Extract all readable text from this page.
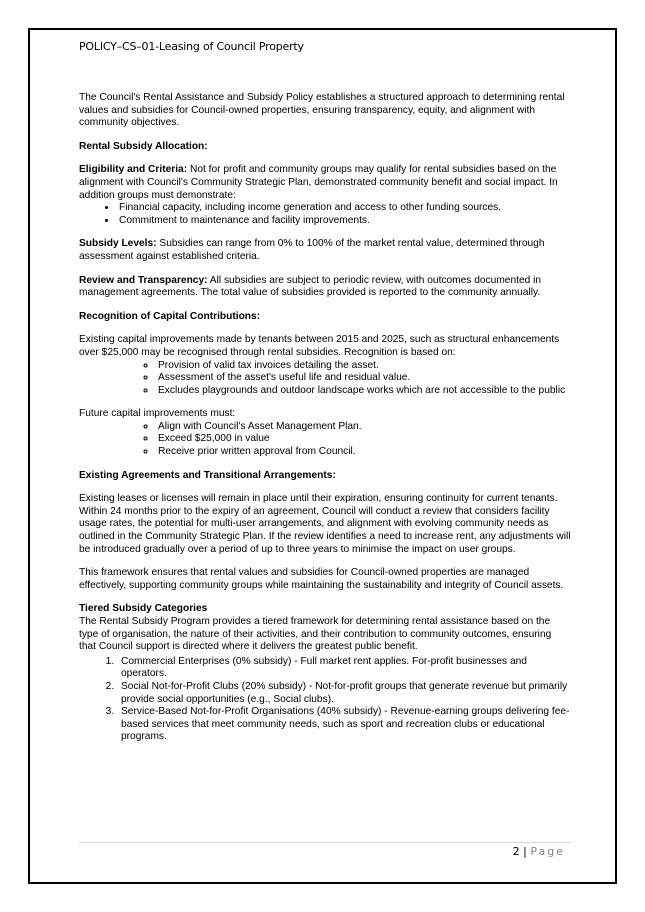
POLICY–CS–01-Leasing of Council Property

The Council's Rental Assistance and Subsidy Policy establishes a structured approach to determining rental values and subsidies for Council-owned properties, ensuring transparency, equity, and alignment with community objectives.

Rental Subsidy Allocation:

Eligibility and Criteria: Not for profit and community groups may qualify for rental subsidies based on the alignment with Council's Community Strategic Plan, demonstrated community benefit and social impact. In addition groups must demonstrate:

• Financial capacity, including income generation and access to other funding sources.
• Commitment to maintenance and facility improvements.

Subsidy Levels: Subsidies can range from 0% to 100% of the market rental value, determined through assessment against established criteria.

Review and Transparency: All subsidies are subject to periodic review, with outcomes documented in management agreements. The total value of subsidies provided is reported to the community annually.

Recognition of Capital Contributions:

Existing capital improvements made by tenants between 2015 and 2025, such as structural enhancements over $25,000 may be recognised through rental subsidies. Recognition is based on:

◦ Provision of valid tax invoices detailing the asset.
◦ Assessment of the asset's useful life and residual value.
◦ Excludes playgrounds and outdoor landscape works which are not accessible to the public

Future capital improvements must:

◦ Align with Council's Asset Management Plan.
◦ Exceed $25,000 in value
◦ Receive prior written approval from Council.
Existing Agreements and Transitional Arrangements:

Existing leases or licenses will remain in place until their expiration, ensuring continuity for current tenants. Within 24 months prior to the expiry of an agreement, Council will conduct a review that considers facility usage rates, the potential for multi-user arrangements, and alignment with evolving community needs as outlined in the Community Strategic Plan. If the review identifies a need to increase rent, any adjustments will be introduced gradually over a period of up to three years to minimise the impact on user groups.

This framework ensures that rental values and subsidies for Council-owned properties are managed effectively, supporting community groups while maintaining the sustainability and integrity of Council assets.

Tiered Subsidy Categories

The Rental Subsidy Program provides a tiered framework for determining rental assistance based on the type of organisation, the nature of their activities, and their contribution to community outcomes, ensuring that Council support is directed where it delivers the greatest public benefit.

1. Commercial Enterprises (0% subsidy) - Full market rent applies. For-profit businesses and operators.
2. Social Not-for-Profit Clubs (20% subsidy) - Not-for-profit groups that generate revenue but primarily provide social opportunities (e.g., Social clubs).
3. Service-Based Not-for-Profit Organisations (40% subsidy) - Revenue-earning groups delivering fee-based services that meet community needs, such as sport and recreation clubs or educational programs.
2 | Page
